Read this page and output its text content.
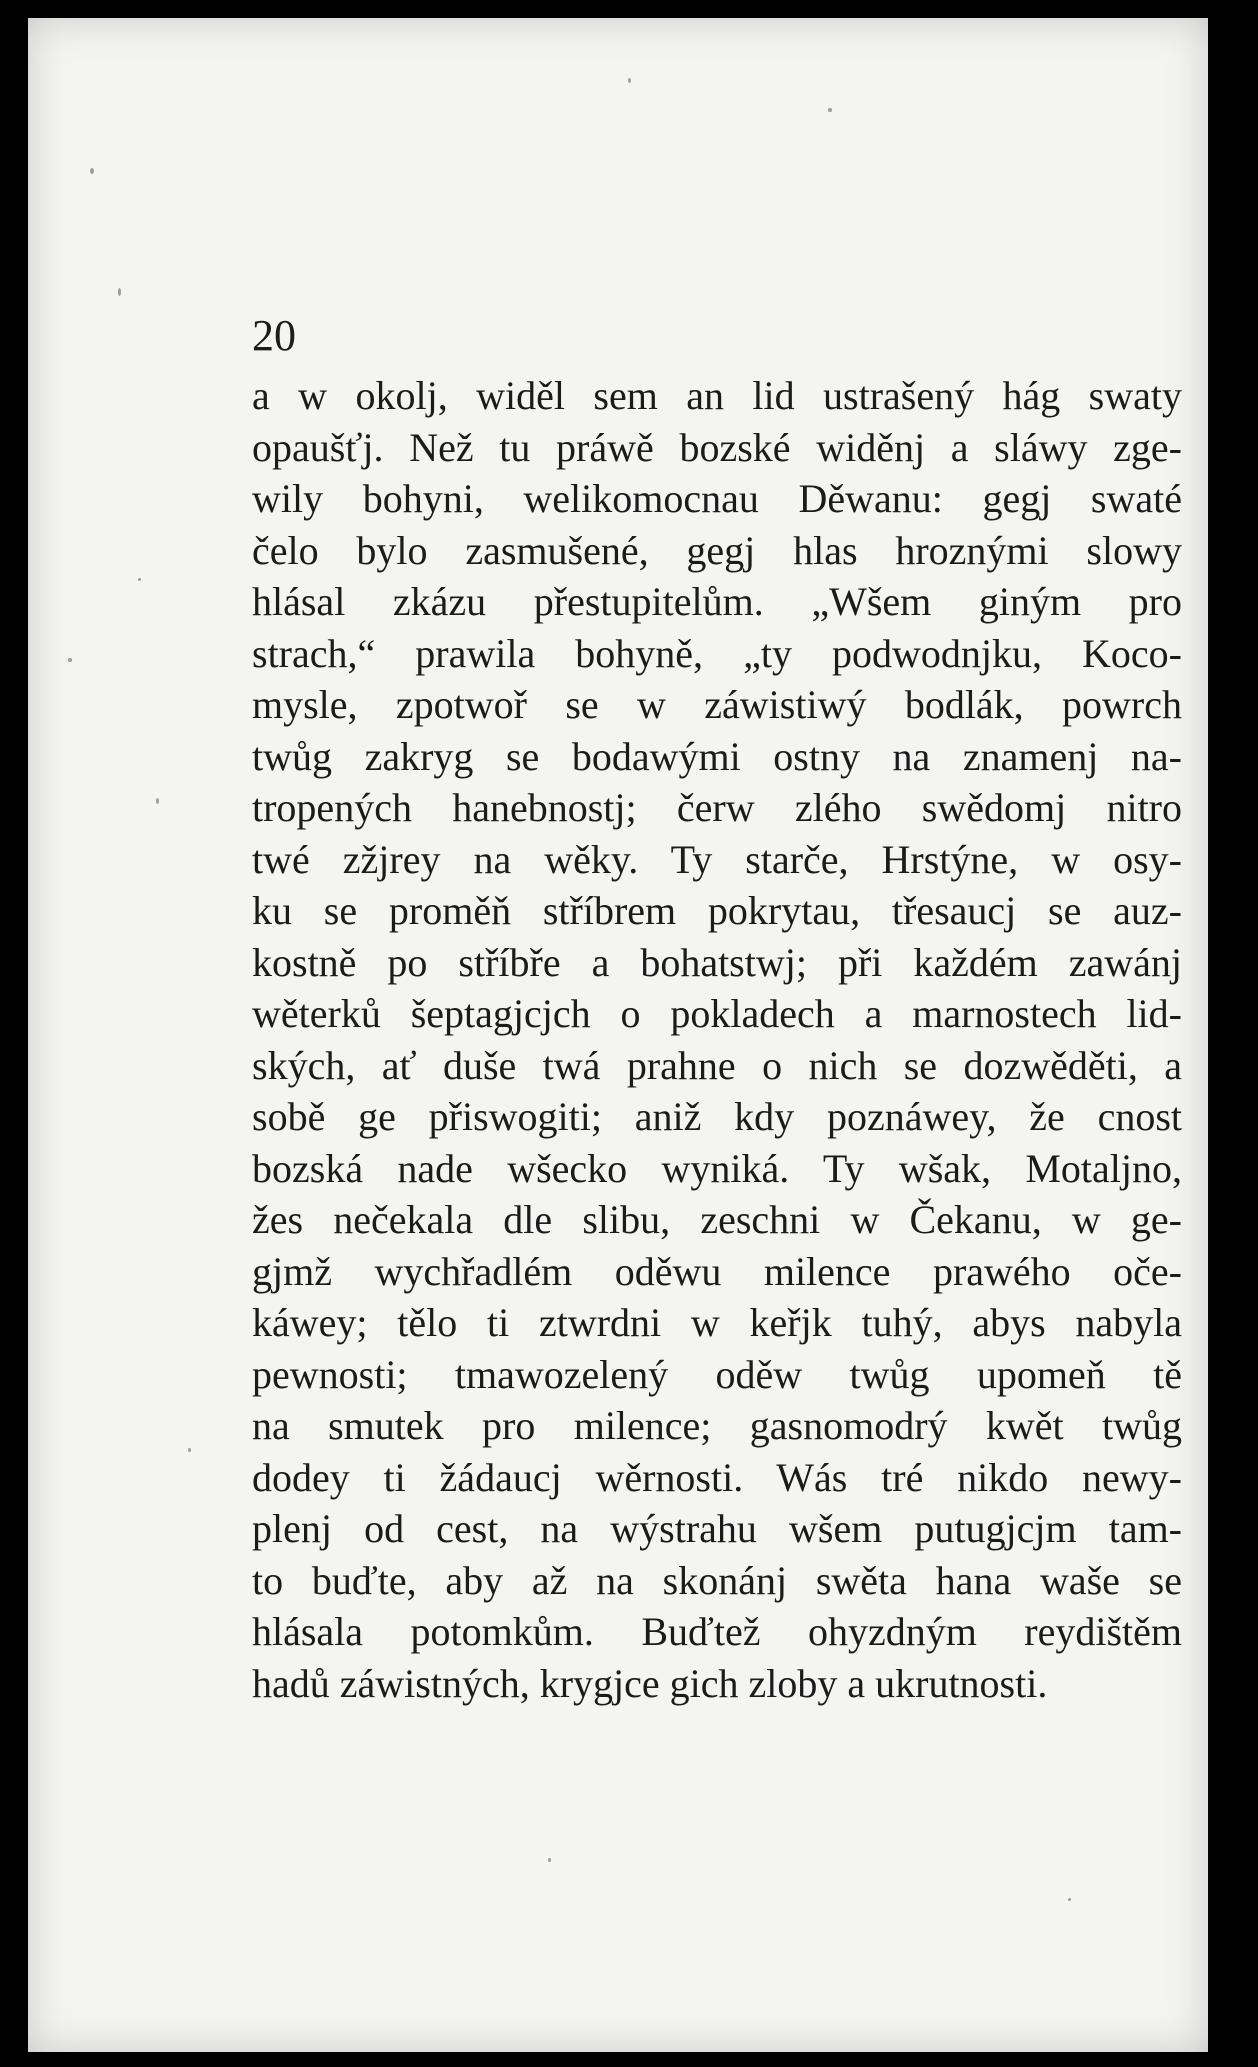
20
a w okolj, widěl sem an lid ustrašený hág swaty
opaušťj. Než tu práwě bozské widěnj a sláwy zge-
wily bohyni, welikomocnau Děwanu: gegj swaté
čelo bylo zasmušené, gegj hlas hroznými slowy
hlásal zkázu přestupitelům. „Wšem giným pro
strach,“ prawila bohyně, „ty podwodnjku, Koco-
mysle, zpotwoř se w záwistiwý bodlák, powrch
twůg zakryg se bodawými ostny na znamenj na-
tropených hanebnostj; čerw zlého swědomj nitro
twé zžjrey na wěky. Ty starče, Hrstýne, w osy-
ku se proměň stříbrem pokrytau, třesaucj se auz-
kostně po stříbře a bohatstwj; při každém zawánj
wěterků šeptagjcjch o pokladech a marnostech lid-
ských, ať duše twá prahne o nich se dozwěděti, a
sobě ge přiswogiti; aniž kdy poznáwey, že cnost
bozská nade wšecko wyniká. Ty wšak, Motaljno,
žes nečekala dle slibu, zeschni w Čekanu, w ge-
gjmž wychřadlém oděwu milence prawého oče-
káwey; tělo ti ztwrdni w keřjk tuhý, abys nabyla
pewnosti; tmawozelený oděw twůg upomeň tě
na smutek pro milence; gasnomodrý kwět twůg
dodey ti žádaucj wěrnosti. Wás tré nikdo newy-
plenj od cest, na wýstrahu wšem putugjcjm tam-
to buďte, aby až na skonánj swěta hana waše se
hlásala potomkům. Buďtež ohyzdným reydištěm
hadů záwistných, krygjce gich zloby a ukrutnosti.
